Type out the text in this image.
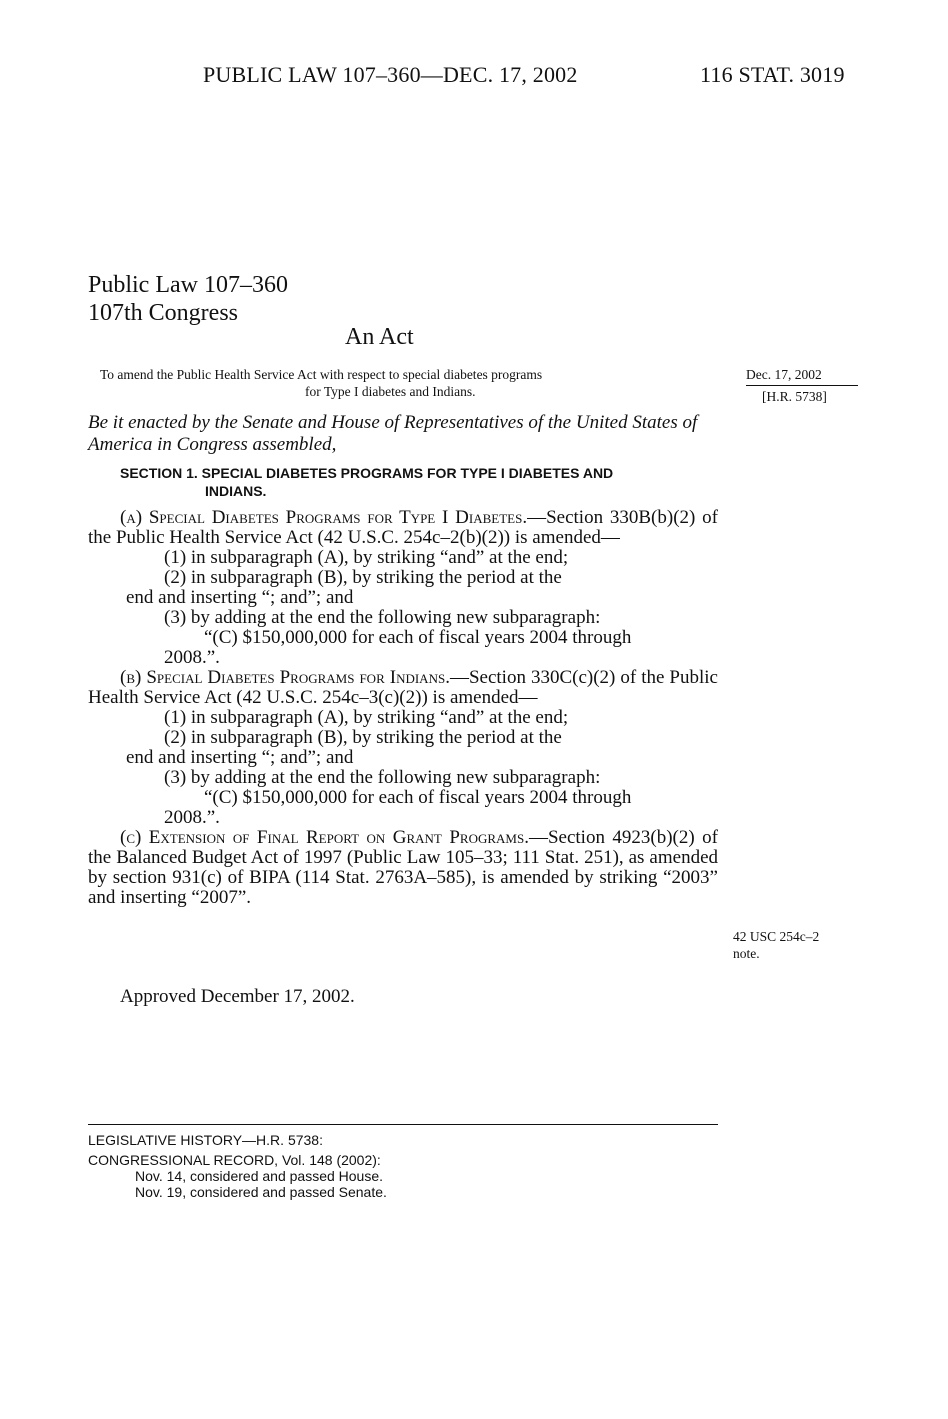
PUBLIC LAW 107–360—DEC. 17, 2002	116 STAT. 3019
Public Law 107–360
107th Congress
An Act

To amend the Public Health Service Act with respect to special diabetes programs

for Type I diabetes and Indians.

Dec. 17, 2002
[H.R. 5738]
Be it enacted by the Senate and House of Representatives of the United States of America in Congress assembled,
SECTION 1. SPECIAL DIABETES PROGRAMS FOR TYPE I DIABETES AND
INDIANS.

(a) Special Diabetes Programs for Type I Diabetes.—Section 330B(b)(2) of the Public Health Service Act (42 U.S.C. 254c–2(b)(2)) is amended—

(1) in subparagraph (A), by striking “and” at the end;

(2) in subparagraph (B), by striking the period at the

end and inserting “; and”; and

(3) by adding at the end the following new subparagraph:

“(C) $150,000,000 for each of fiscal years 2004 through

2008.”.

(b) Special Diabetes Programs for Indians.—Section 330C(c)(2) of the Public Health Service Act (42 U.S.C. 254c–3(c)(2)) is amended—

(1) in subparagraph (A), by striking “and” at the end;

(2) in subparagraph (B), by striking the period at the

end and inserting “; and”; and

(3) by adding at the end the following new subparagraph:

“(C) $150,000,000 for each of fiscal years 2004 through

2008.”.

(c) Extension of Final Report on Grant Programs.—Section 4923(b)(2) of the Balanced Budget Act of 1997 (Public Law 105–33; 111 Stat. 251), as amended by section 931(c) of BIPA (114 Stat. 2763A–585), is amended by striking “2003” and inserting “2007”.

42 USC 254c–2
note.
Approved December 17, 2002.

LEGISLATIVE HISTORY—H.R. 5738:

CONGRESSIONAL RECORD, Vol. 148 (2002):

Nov. 14, considered and passed House.

Nov. 19, considered and passed Senate.
